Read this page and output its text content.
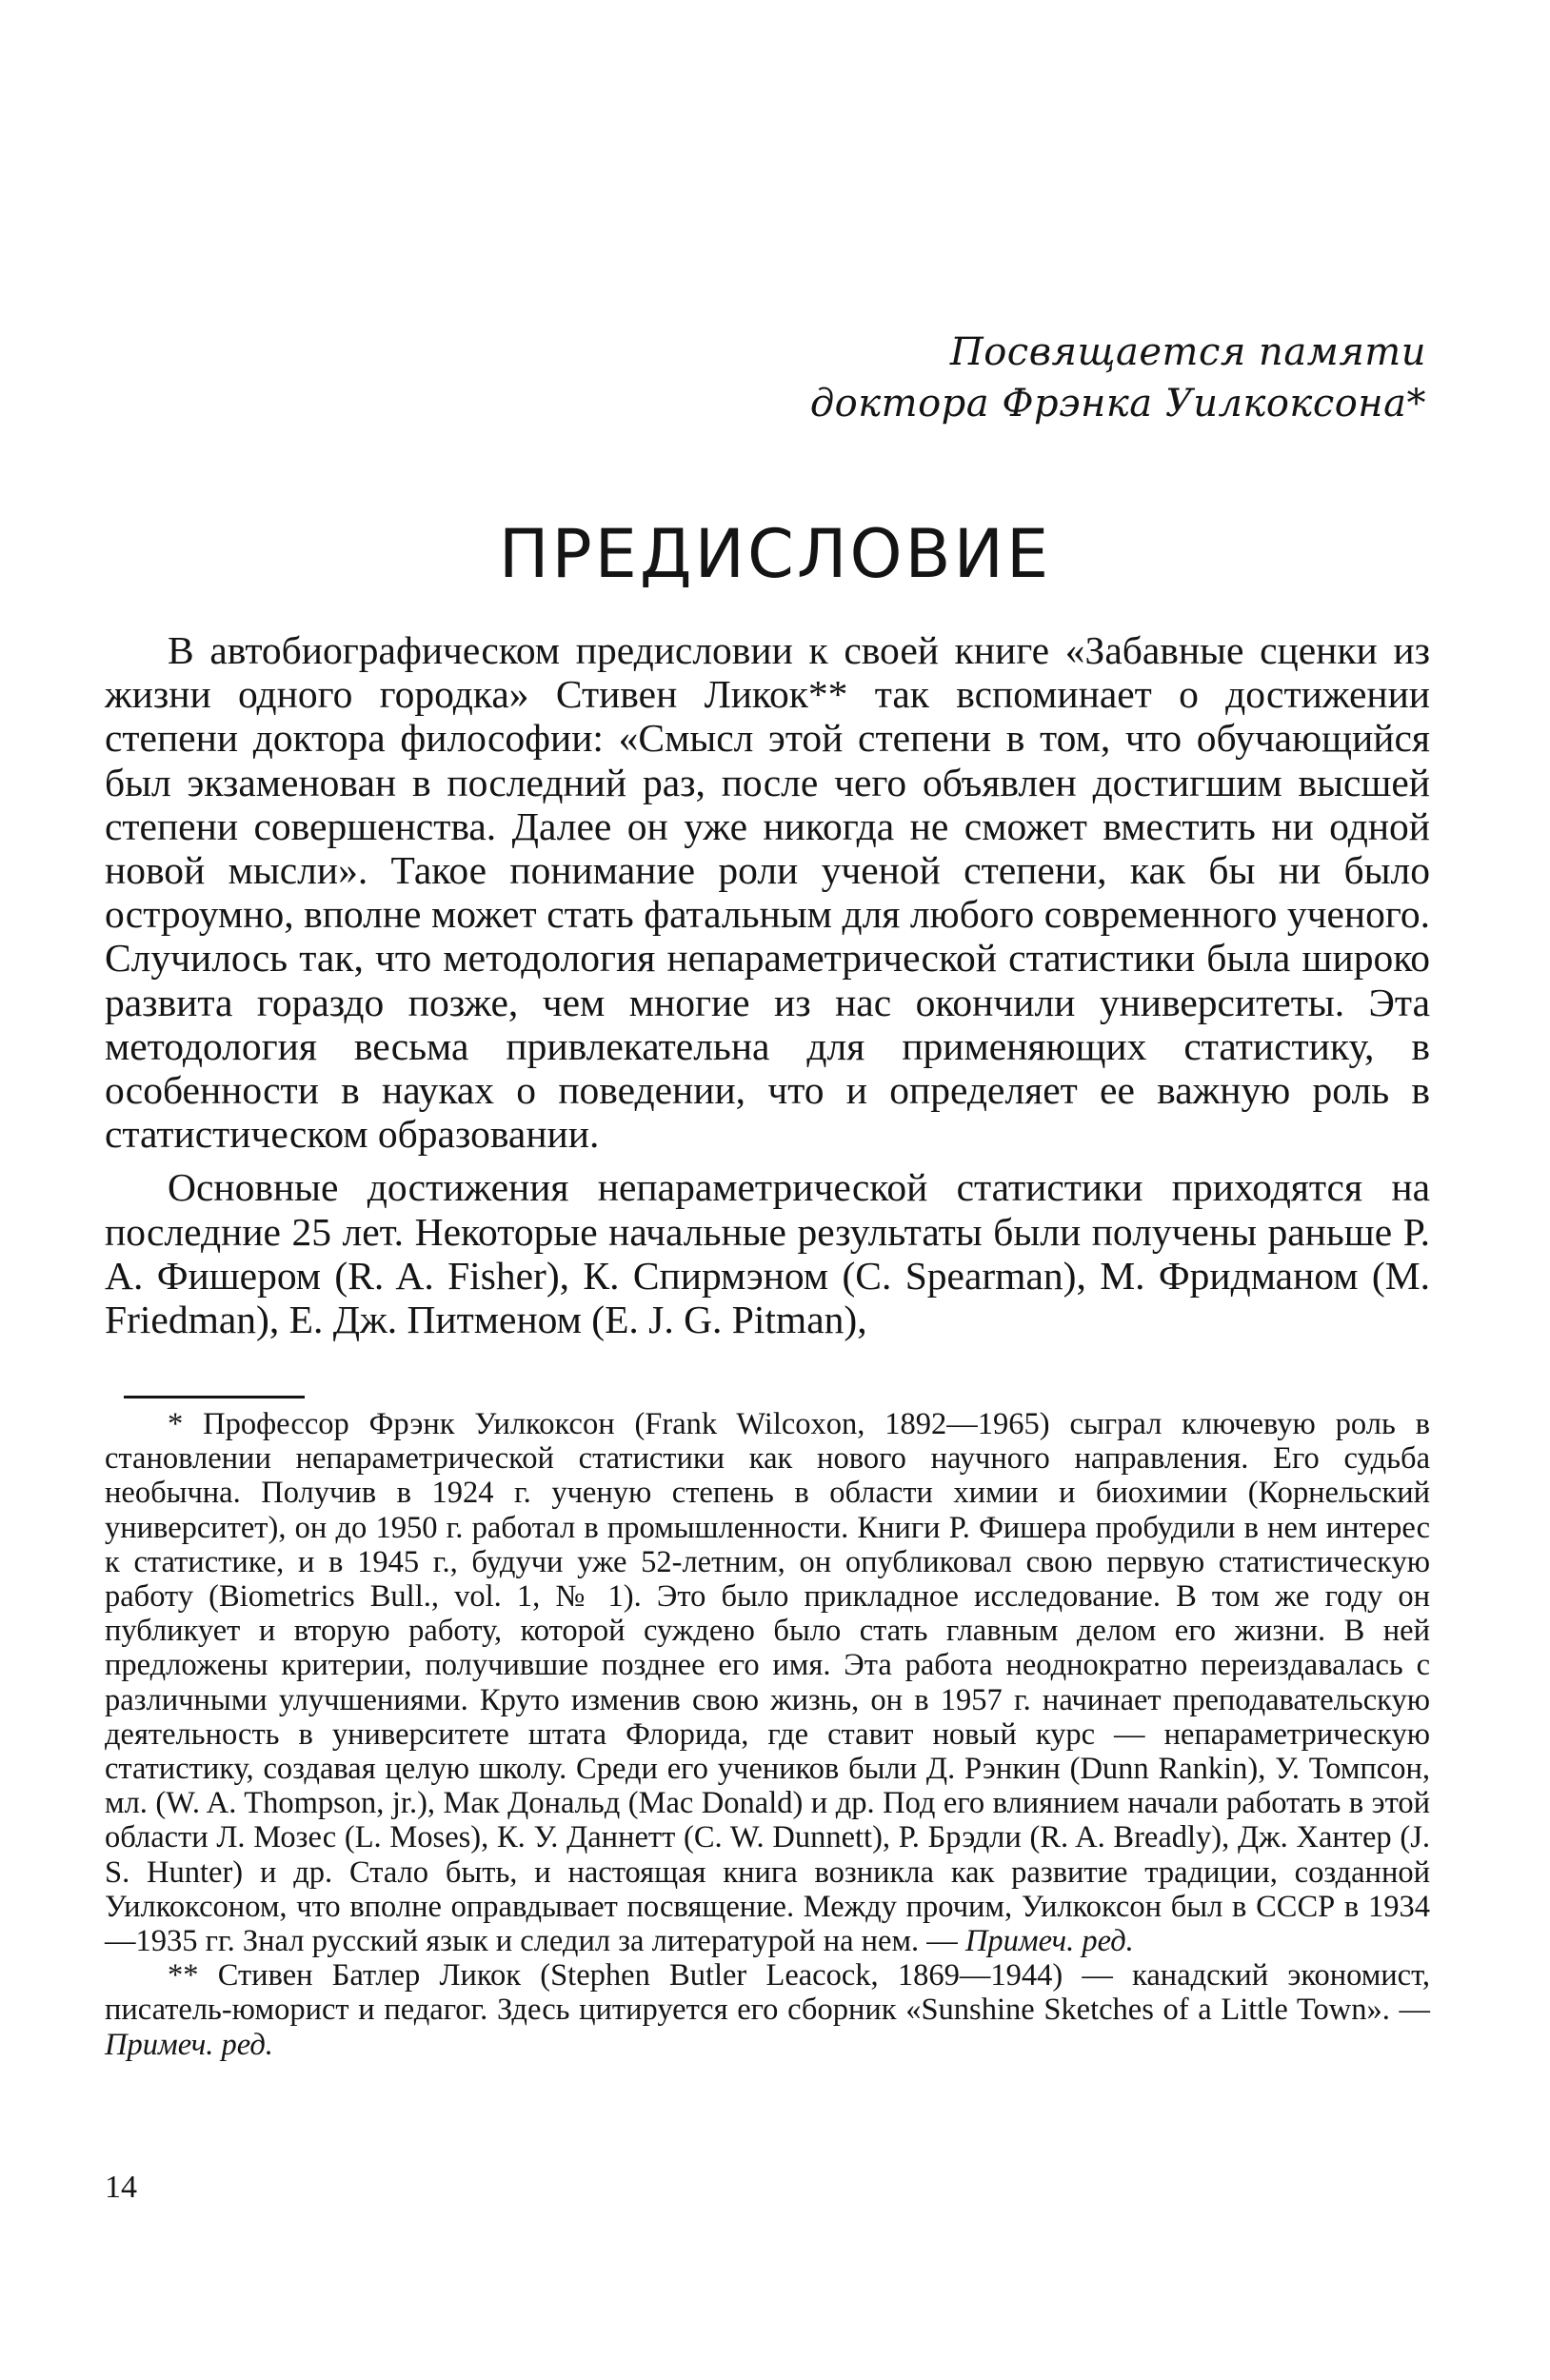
Посвящается памяти
доктора Фрэнка Уилкоксона*
ПРЕДИСЛОВИЕ
В автобиографическом предисловии к своей книге «Забавные сценки из жизни одного городка» Стивен Ликок** так вспоминает о достижении степени доктора философии: «Смысл этой степени в том, что обучающийся был экзаменован в последний раз, после чего объявлен достигшим высшей степени совершенства. Далее он уже никогда не сможет вместить ни одной новой мысли». Такое понимание роли ученой степени, как бы ни было остроумно, вполне может стать фатальным для любого современного ученого. Случилось так, что методология непараметрической статистики была широко развита гораздо позже, чем многие из нас окончили университеты. Эта методология весьма привлекательна для применяющих статистику, в особенности в науках о поведении, что и определяет ее важную роль в статистическом образовании.
Основные достижения непараметрической статистики приходятся на последние 25 лет. Некоторые начальные результаты были получены раньше Р. А. Фишером (R. A. Fisher), К. Спирмэном (C. Spearman), М. Фридманом (M. Friedman), Е. Дж. Питменом (E. J. G. Pitman),
* Профессор Фрэнк Уилкоксон (Frank Wilcoxon, 1892—1965) сыграл ключевую роль в становлении непараметрической статистики как нового научного направления. Его судьба необычна. Получив в 1924 г. ученую степень в области химии и биохимии (Корнельский университет), он до 1950 г. работал в промышленности. Книги Р. Фишера пробудили в нем интерес к статистике, и в 1945 г., будучи уже 52-летним, он опубликовал свою первую статистическую работу (Biometrics Bull., vol. 1, № 1). Это было прикладное исследование. В том же году он публикует и вторую работу, которой суждено было стать главным делом его жизни. В ней предложены критерии, получившие позднее его имя. Эта работа неоднократно переиздавалась с различными улучшениями. Круто изменив свою жизнь, он в 1957 г. начинает преподавательскую деятельность в университете штата Флорида, где ставит новый курс — непараметрическую статистику, создавая целую школу. Среди его учеников были Д. Рэнкин (Dunn Rankin), У. Томпсон, мл. (W. A. Thompson, jr.), Мак Дональд (Mac Donald) и др. Под его влиянием начали работать в этой области Л. Мозес (L. Moses), К. У. Даннетт (C. W. Dunnett), Р. Брэдли (R. A. Breadly), Дж. Хантер (J. S. Hunter) и др. Стало быть, и настоящая книга возникла как развитие традиции, созданной Уилкоксоном, что вполне оправдывает посвящение. Между прочим, Уилкоксон был в СССР в 1934—1935 гг. Знал русский язык и следил за литературой на нем. — Примеч. ред.
** Стивен Батлер Ликок (Stephen Butler Leacock, 1869—1944) — канадский экономист, писатель-юморист и педагог. Здесь цитируется его сборник «Sunshine Sketches of a Little Town». — Примеч. ред.
14
